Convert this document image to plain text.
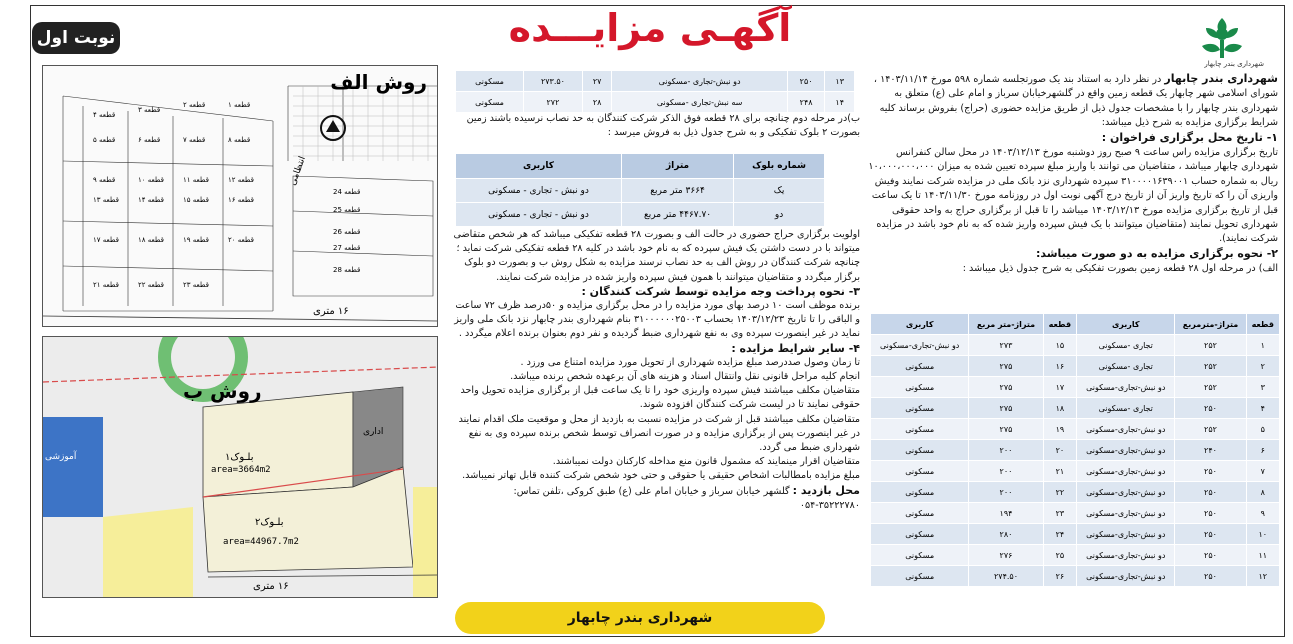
نوبت اول	آگهـی مزایـــده
شهرداری بندر چابهار
شهرداری بندر چابهار در نظر دارد به استناد بند یک صورتجلسه شماره ۵۹۸ مورخ ۱۴۰۳/۱۱/۱۴ ، شورای اسلامی شهر چابهار یک قطعه زمین واقع در گلشهرخیابان سرباز و امام علی (ع) متعلق به شهرداری بندر چابهار را با مشخصات جدول ذیل از طریق مزایده حضوری (حراج) بفروش برساند کلیه شرایط برگزاری مزایده به شرح ذیل میباشد:
۱- تاریخ محل برگزاری فراخوان :
تاریخ برگزاری مزایده راس ساعت ۹ صبح روز دوشنبه مورخ ۱۴۰۳/۱۲/۱۳ در محل سالن کنفرانس شهرداری چابهار میباشد ، متقاضیان می توانند با واریز مبلغ سپرده تعیین شده به میزان ۱۰،۰۰۰،۰۰۰،۰۰۰ ریال به شماره حساب ۳۱۰۰۰۰۱۶۳۹۰۰۱ سپرده شهرداری نزد بانک ملی در مزایده شرکت نمایند وفیش واریزی آن را که تاریخ واریز آن از تاریخ درج آگهی نوبت اول در روزنامه مورخ ۱۴۰۳/۱۱/۳۰ تا یک ساعت قبل از تاریخ برگزاری مزایده مورخ ۱۴۰۳/۱۲/۱۳ میباشد را تا قبل از برگزاری حراج به واحد حقوقی شهرداری تحویل نمایند (متقاضیان میتوانند با یک فیش سپرده واریز شده که به نام خود باشد در مزایده شرکت نمایند).
۲- نحوه برگزاری مزایده به دو صورت میباشد:
الف) در مرحله اول ۲۸ قطعه زمین بصورت تفکیکی به شرح جدول ذیل میباشد :
قطعه	متراژ-مترمربع	کاربری	قطعه	متراژ-متر مربع	کاربری
۱	۲۵۲	تجاری -مسکونی	۱۵	۲۷۳	دو نبش-تجاری-مسکونی
۲	۲۵۲	تجاری -مسکونی	۱۶	۲۷۵	مسکونی
۳	۲۵۲	دو نبش-تجاری-مسکونی	۱۷	۲۷۵	مسکونی
۴	۲۵۰	تجاری -مسکونی	۱۸	۲۷۵	مسکونی
۵	۲۵۲	دو نبش-تجاری-مسکونی	۱۹	۲۷۵	مسکونی
۶	۲۴۰	دو نبش-تجاری-مسکونی	۲۰	۲۰۰	مسکونی
۷	۲۵۰	دو نبش-تجاری-مسکونی	۲۱	۲۰۰	مسکونی
۸	۲۵۰	دو نبش-تجاری-مسکونی	۲۲	۲۰۰	مسکونی
۹	۲۵۰	دو نبش-تجاری-مسکونی	۲۳	۱۹۴	مسکونی
۱۰	۲۵۰	دو نبش-تجاری-مسکونی	۲۴	۲۸۰	مسکونی
۱۱	۲۵۰	دو نبش-تجاری-مسکونی	۲۵	۲۷۶	مسکونی
۱۲	۲۵۰	دو نبش-تجاری-مسکونی	۲۶	۲۷۴.۵۰	مسکونی
۱۳	۲۵۰	دو نبش-تجاری -مسکونی	۲۷	۲۷۳.۵۰	مسکونی
۱۴	۲۴۸	سه نبش-تجاری -مسکونی	۲۸	۲۷۲	مسکونی
ب)در مرحله دوم چنانچه برای ۲۸ قطعه فوق الذکر شرکت کنندگان به حد نصاب نرسیده باشند زمین بصورت ۲ بلوک تفکیکی و به شرح جدول ذیل به فروش میرسد :
شماره بلوک	متراژ	کاربری
یک	۳۶۶۴ متر مربع	دو نبش - تجاری - مسکونی
دو	۴۴۶۷.۷۰ متر مربع	دو نبش - تجاری - مسکونی
اولویت برگزاری حراج حضوری در حالت الف و بصورت ۲۸ قطعه تفکیکی میباشد که هر شخص متقاضی میتواند با در دست داشتن یک فیش سپرده که به نام خود باشد در کلیه ۲۸ قطعه تفکیکی شرکت نماید ؛ چنانچه شرکت کنندگان در روش الف به حد نصاب نرسند مزایده به شکل روش ب و بصورت دو بلوک برگزار میگردد و متقاضیان میتوانند با همون فیش سپرده واریز شده در مزایده شرکت نمایند.
۳- نحوه پرداخت وجه مزایده توسط شرکت کنندگان :
برنده موظف است ۱۰ درصد بهای مورد مزایده را در محل برگزاری مزایده و ۵۰درصد ظرف ۷۲ ساعت و الباقی را تا تاریخ ۱۴۰۳/۱۲/۲۳ بحساب ۳۱۰۰۰۰۰۰۲۵۰۰۳ بنام شهرداری بندر چابهار نزد بانک ملی واریز نماید در غیر اینصورت سپرده وی به نفع شهرداری ضبط گردیده و نفر دوم بعنوان برنده اعلام میگردد .
۴- سایر شرایط مزایده :
تا زمان وصول صددرصد مبلغ مزایده شهرداری از تحویل مورد مزایده امتناع می ورزد .
انجام کلیه مراحل قانونی نقل وانتقال اسناد و هزینه های آن برعهده شخص برنده میباشد.
متقاضیان مکلف میباشند فیش سپرده واریزی خود را تا یک ساعت قبل از برگزاری مزایده تحویل واحد حقوقی نمایند تا در لیست شرکت کنندگان افزوده شوند.
متقاضیان مکلف میباشند قبل از شرکت در مزایده نسبت به بازدید از محل و موقعیت ملک اقدام نمایند در غیر اینصورت پس از برگزاری مزایده و در صورت انصراف توسط شخص برنده سپرده وی به نفع شهرداری ضبط می گردد.
متقاضیان اقرار مینمایند که مشمول قانون منع مداخله کارکنان دولت نمیباشند.
مبلغ مزایده بامطالبات اشخاص حقیقی یا حقوقی و حتی خود شخص شرکت کننده قابل تهاتر نمیباشد.
محل بازدید : گلشهر خیابان سرباز و خیابان امام علی (ع) طبق کروکی ،تلفن تماس: ۳۵۲۲۲۷۸۰-۰۵۴
روش الف
انتظامی
قطعه ۱
قطعه ۲
قطعه ۳
قطعه ۴
قطعه ۵	قطعه ۶	قطعه ۷	قطعه ۸
قطعه ۹	قطعه ۱۰	قطعه ۱۱	قطعه ۱۲
قطعه ۱۳	قطعه ۱۴	قطعه ۱۵	قطعه ۱۶
قطعه ۱۷	قطعه ۱۸	قطعه ۱۹	قطعه ۲۰
قطعه ۲۱	قطعه ۲۲	قطعه ۲۳
قطعه 24
قطعه 25
قطعه 26
قطعه 27
قطعه 28
۱۶ متری
روش ب
بلـوک۱
area=3664m2
بلـوک۲
area=44967.7m2
اداری
آموزشی
۱۶ متری
شهرداری بندر چابهار
